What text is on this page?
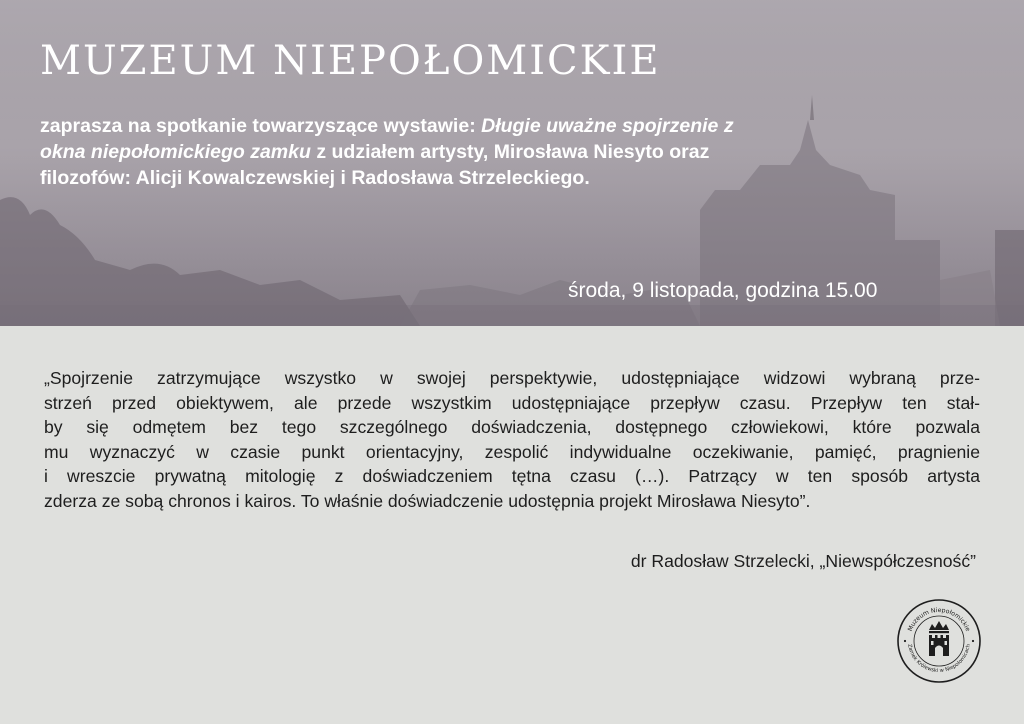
MUZEUM NIEPOŁOMICKIE
zaprasza na spotkanie towarzyszące wystawie: Długie uważne spojrzenie z okna niepołomickiego zamku z udziałem artysty, Mirosława Niesyto oraz filozofów: Alicji Kowalczewskiej i Radosława Strzeleckiego.
środa, 9 listopada, godzina 15.00
„Spojrzenie zatrzymujące wszystko w swojej perspektywie, udostępniające widzowi wybraną prze-
strzeń przed obiektywem, ale przede wszystkim udostępniające przepływ czasu. Przepływ ten stał-
by się odmętem bez tego szczególnego doświadczenia, dostępnego człowiekowi, które pozwala
mu wyznaczyć w czasie punkt orientacyjny, zespolić indywidualne oczekiwanie, pamięć, pragnienie
i wreszcie prywatną mitologię z doświadczeniem tętna czasu (…). Patrzący w ten sposób artysta
zderza ze sobą chronos i kairos. To właśnie doświadczenie udostępnia projekt Mirosława Niesyto”.
dr Radosław Strzelecki, „Niewspółczesność”
Muzeum Niepołomickie
Zamek Królewski w Niepołomicach
